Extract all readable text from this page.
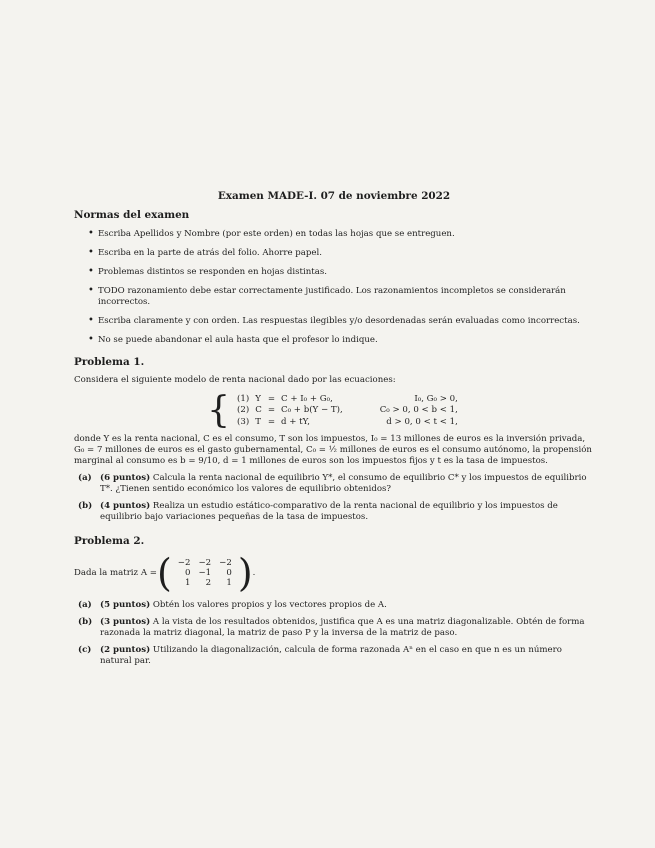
Examen MADE-I. 07 de noviembre 2022
Normas del examen
• Escriba Apellidos y Nombre (por este orden) en todas las hojas que se entreguen.
• Escriba en la parte de atrás del folio. Ahorre papel.
• Problemas distintos se responden en hojas distintas.
• TODO razonamiento debe estar correctamente justificado. Los razonamientos incompletos se considerarán incorrectos.
• Escriba claramente y con orden. Las respuestas ilegibles y/o desordenadas serán evaluadas como incorrectas.
• No se puede abandonar el aula hasta que el profesor lo indique.
Problema 1.

Considera el siguiente modelo de renta nacional dado por las ecuaciones:

{ (1)	Y	=	C + I₀ + G₀,	I₀, G₀ > 0,
(2)	C	=	C₀ + b(Y − T),	C₀ > 0, 0 < b < 1,
(3)	T	=	d + tY,	d > 0, 0 < t < 1,

donde Y es la renta nacional, C es el consumo, T son los impuestos, I₀ = 13 millones de euros es la inversión privada, G₀ = 7 millones de euros es el gasto gubernamental, C₀ = ½ millones de euros es el consumo autónomo, la propensión marginal al consumo es b = 9/10, d = 1 millones de euros son los impuestos fijos y t es la tasa de impuestos.

(a) (6 puntos) Calcula la renta nacional de equilibrio Y*, el consumo de equilibrio C* y los impuestos de equilibrio T*. ¿Tienen sentido económico los valores de equilibrio obtenidos?
(b) (4 puntos) Realiza un estudio estático-comparativo de la renta nacional de equilibrio y los impuestos de equilibrio bajo variaciones pequeñas de la tasa de impuestos.
Problema 2.
Dada la matriz A = ( −2	−2	−2
0	−1	0
1	2	1 ) .
(a) (5 puntos) Obtén los valores propios y los vectores propios de A.
(b) (3 puntos) A la vista de los resultados obtenidos, justifica que A es una matriz diagonalizable. Obtén de forma razonada la matriz diagonal, la matriz de paso P y la inversa de la matriz de paso.
(c)	(2 puntos) Utilizando la diagonalización, calcula de forma razonada Aⁿ en el caso en que n es un número natural par.
